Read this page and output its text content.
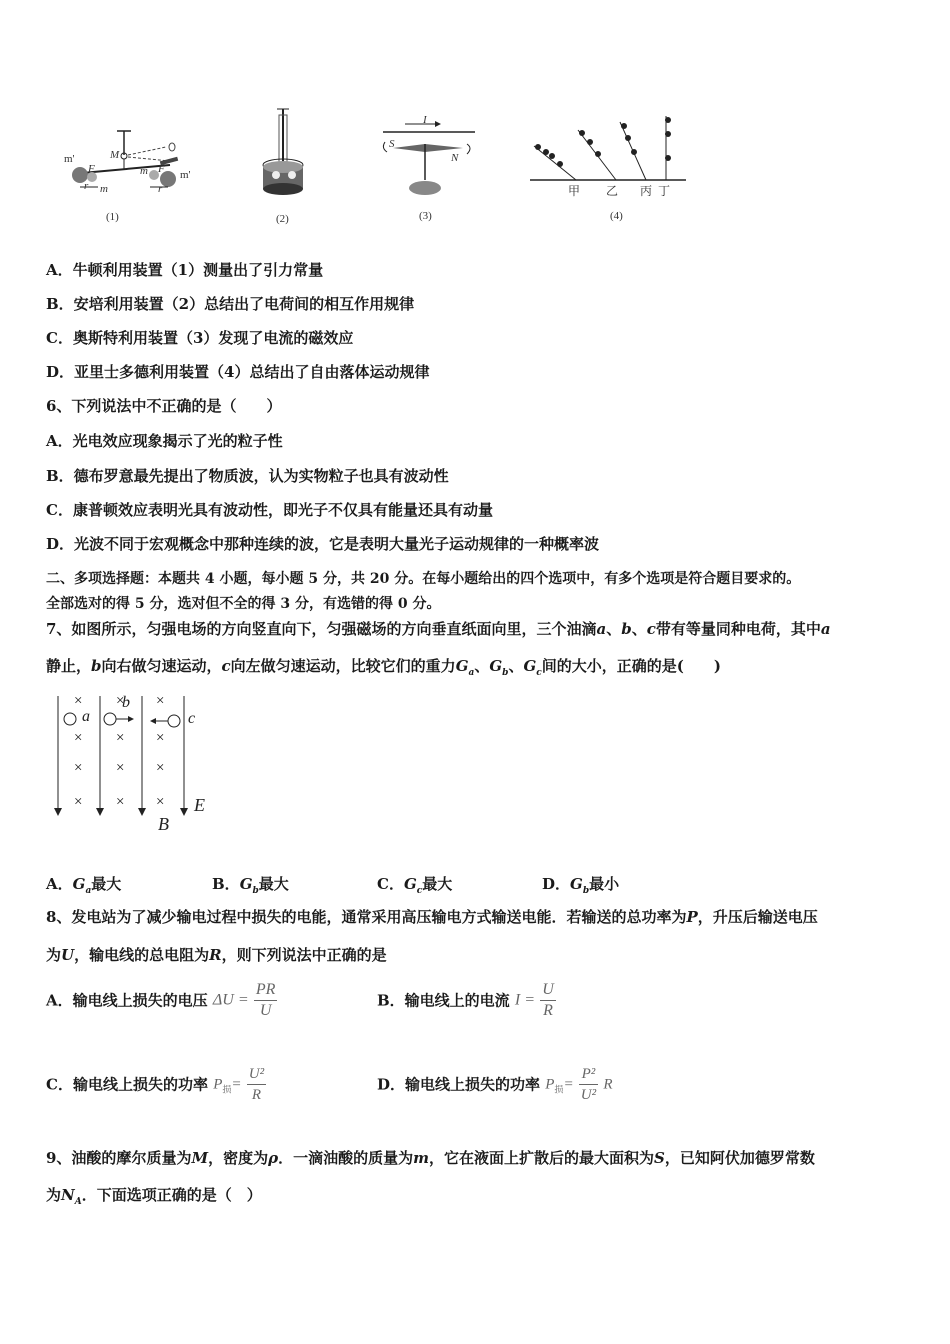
m'
F
M
m
r
F
m
r
m'
(1)	(2)
I
S
N
(3)
甲 乙 丙 丁
(4)
A．牛顿利用装置（1）测量出了引力常量
B．安培利用装置（2）总结出了电荷间的相互作用规律
C．奥斯特利用装置（3）发现了电流的磁效应
D．亚里士多德利用装置（4）总结出了自由落体运动规律
6、下列说法中不正确的是（　　）
A．光电效应现象揭示了光的粒子性
B．德布罗意最先提出了物质波，认为实物粒子也具有波动性
C．康普顿效应表明光具有波动性，即光子不仅具有能量还具有动量
D．光波不同于宏观概念中那种连续的波，它是表明大量光子运动规律的一种概率波
二、多项选择题：本题共 4 小题，每小题 5 分，共 20 分。在每小题给出的四个选项中，有多个选项是符合题目要求的。
全部选对的得 5 分，选对但不全的得 3 分，有选错的得 0 分。
7、如图所示，匀强电场的方向竖直向下，匀强磁场的方向垂直纸面向里，三个油滴a、b、c带有等量同种电荷，其中a
静止，b向右做匀速运动，c向左做匀速运动，比较它们的重力$G_a$、$G_b$、$G_c$间的大小，正确的是(　　)
× × ×
× × ×
× × ×
× × ×
a
b
c
E
B
A．$G_a$最大	B．$G_b$最大	C．$G_c$最大	D．$G_b$最小
8、发电站为了减少输电过程中损失的电能，通常采用高压输电方式输送电能．若输送的总功率为P，升压后输送电压
为U，输电线的总电阻为R，则下列说法中正确的是
A．输电线上损失的电压 $\Delta U = \frac{PR}{U}$	B．输电线上的电流 $I = \frac{U}{R}$
C．输电线上损失的功率 $P_损= \frac{\text{U²}}{R}$	D．输电线上损失的功率 $P_损= \frac{\text{P²}}{\text{U²}}$ R
9、油酸的摩尔质量为M，密度为ρ．一滴油酸的质量为m，它在液面上扩散后的最大面积为S，已知阿伏加德罗常数
为$N_A$．下面选项正确的是（　）
